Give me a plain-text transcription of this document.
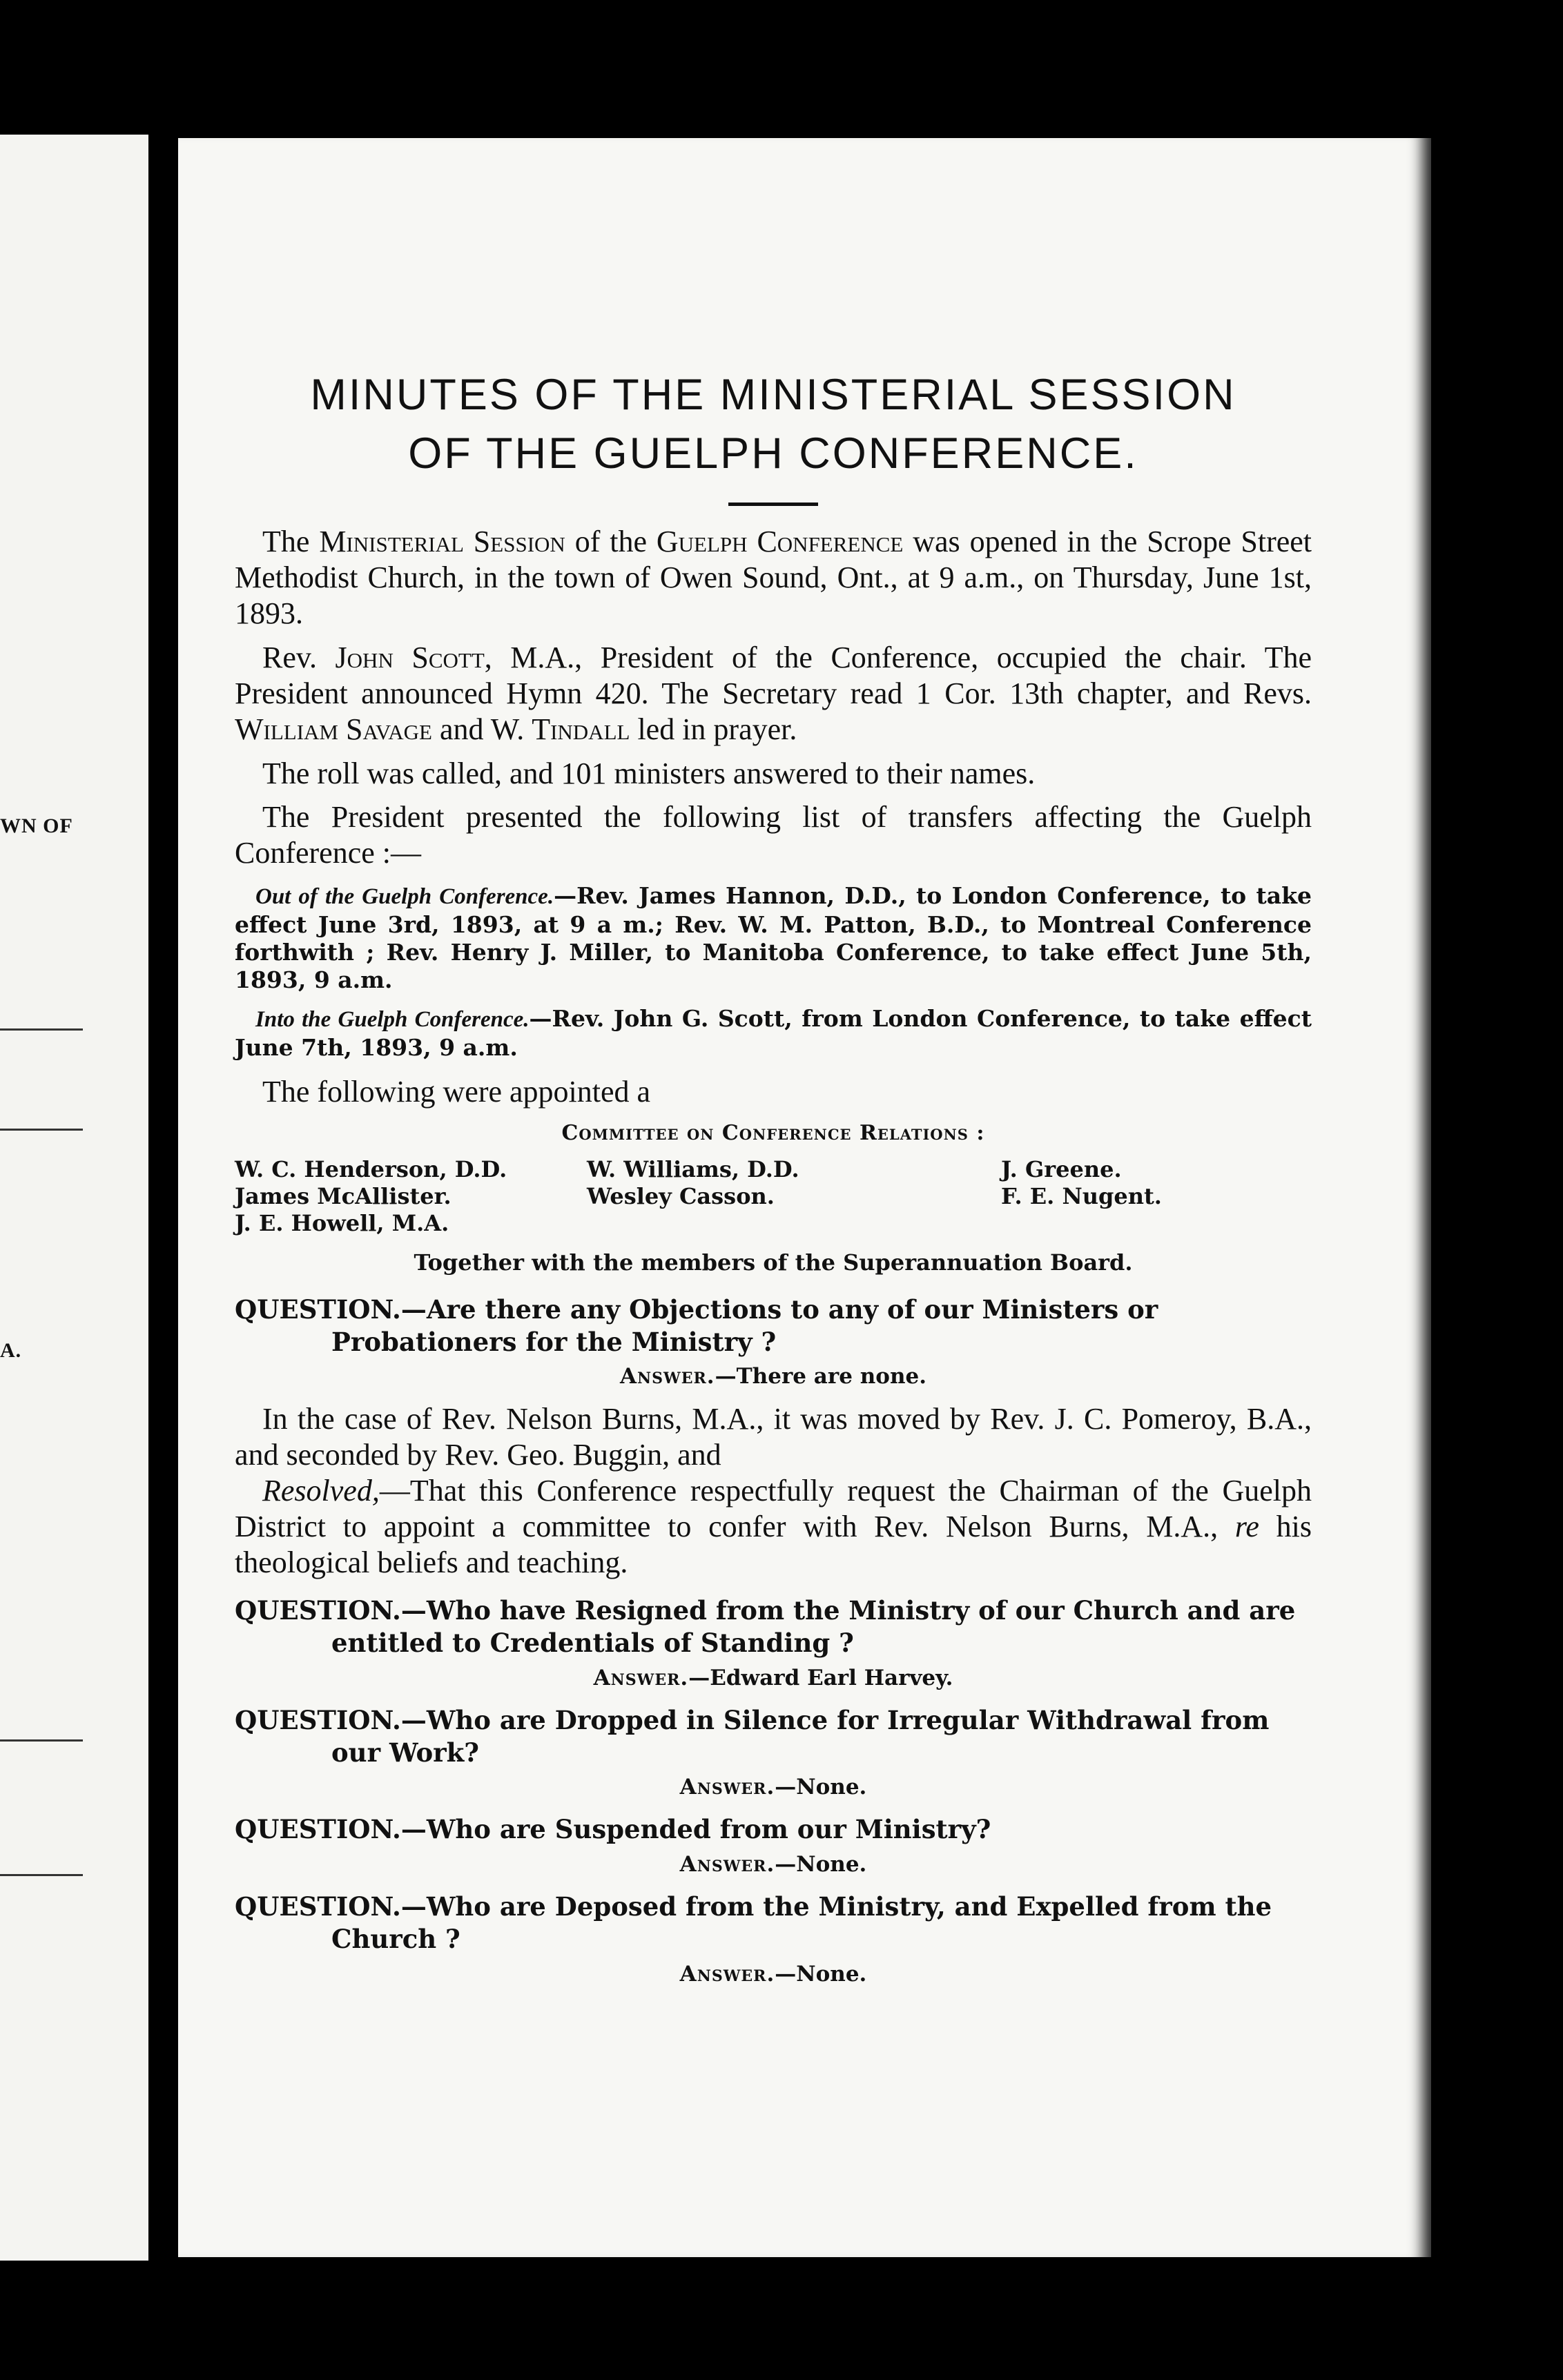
WN OF
A.
MINUTES OF THE MINISTERIAL SESSION
OF THE GUELPH CONFERENCE.

The Ministerial Session of the Guelph Conference was opened in the Scrope Street Methodist Church, in the town of Owen Sound, Ont., at 9 a.m., on Thursday, June 1st, 1893.

Rev. John Scott, M.A., President of the Conference, occupied the chair. The President announced Hymn 420. The Secretary read 1 Cor. 13th chapter, and Revs. William Savage and W. Tindall led in prayer.

The roll was called, and 101 ministers answered to their names.

The President presented the following list of transfers affecting the Guelph Conference :—

Out of the Guelph Conference.—Rev. James Hannon, D.D., to London Conference, to take effect June 3rd, 1893, at 9 a m.; Rev. W. M. Patton, B.D., to Montreal Conference forthwith ; Rev. Henry J. Miller, to Manitoba Conference, to take effect June 5th, 1893, 9 a.m.
Into the Guelph Conference.—Rev. John G. Scott, from London Conference, to take effect June 7th, 1893, 9 a.m.

The following were appointed a

Committee on Conference Relations :
W. C. Henderson, D.D.
James McAllister.
J. E. Howell, M.A.
W. Williams, D.D.
Wesley Casson.
J. Greene.
F. E. Nugent.
Together with the members of the Superannuation Board.
QUESTION.—Are there any Objections to any of our Ministers or Probationers for the Ministry ?
Answer.—There are none.

In the case of Rev. Nelson Burns, M.A., it was moved by Rev. J. C. Pomeroy, B.A., and seconded by Rev. Geo. Buggin, and

Resolved,—That this Conference respectfully request the Chairman of the Guelph District to appoint a committee to confer with Rev. Nelson Burns, M.A., re his theological beliefs and teaching.

QUESTION.—Who have Resigned from the Ministry of our Church and are entitled to Credentials of Standing ?
Answer.—Edward Earl Harvey.
QUESTION.—Who are Dropped in Silence for Irregular Withdrawal from our Work?
Answer.—None.
QUESTION.—Who are Suspended from our Ministry?
Answer.—None.
QUESTION.—Who are Deposed from the Ministry, and Expelled from the Church ?
Answer.—None.
